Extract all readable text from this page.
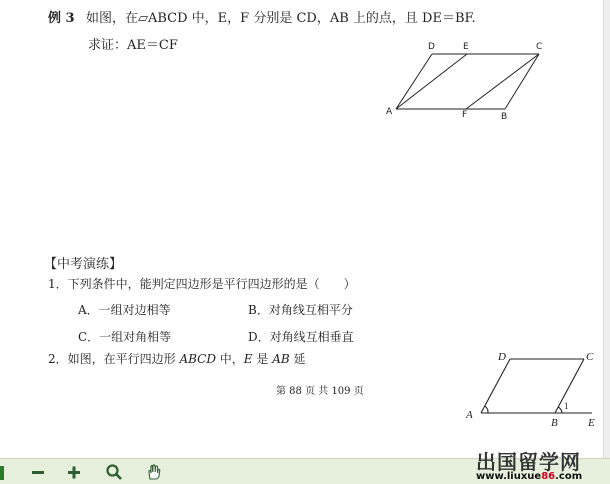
例 3 如图，在▱ABCD 中，E，F 分别是 CD，AB 上的点，且 DE＝BF.
求证：AE＝CF	D	E	C
A	F	B
【中考演练】
1．下列条件中，能判定四边形是平行四边形的是（　　）
A．一组对边相等	B．对角线互相平分
C．一组对角相等	D．对角线互相垂直
2．如图，在平行四边形 ABCD 中，E 是 AB 延	D	C
A
B	E
1
第 88 页 共 109 页
出国留学网
www.liuxue86.com
